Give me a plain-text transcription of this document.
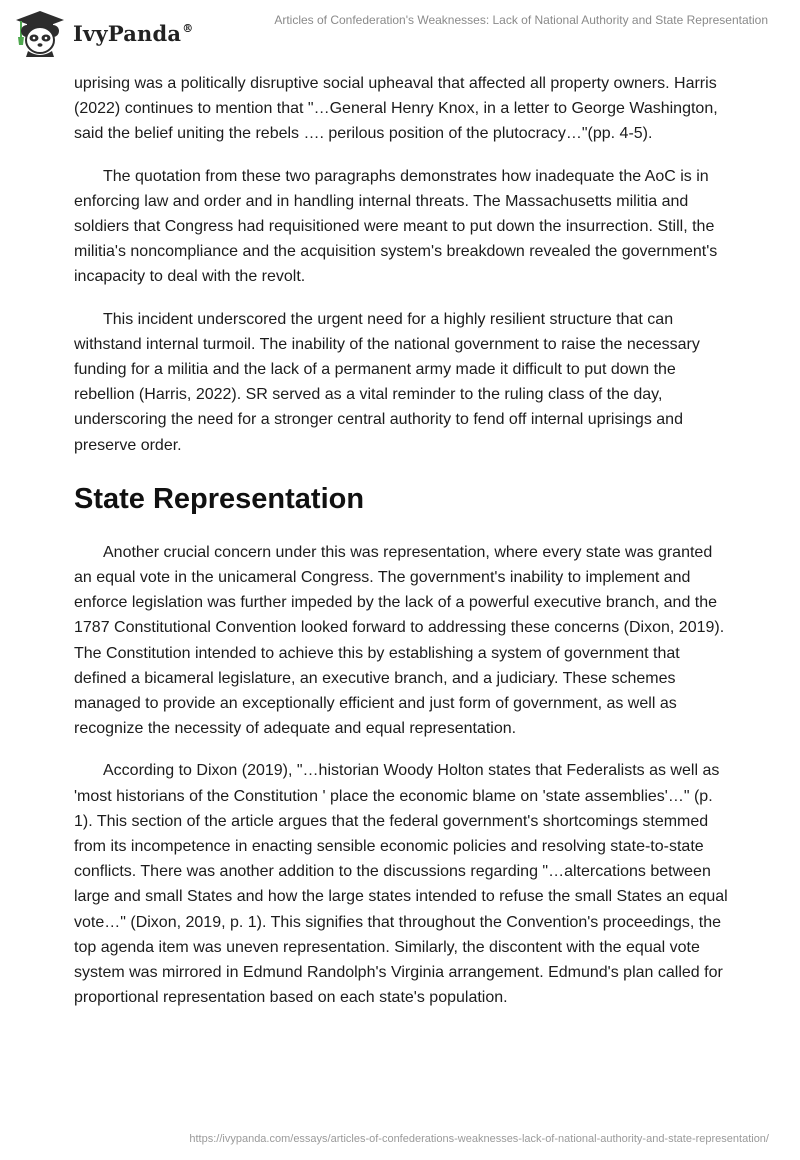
IvyPanda®
Articles of Confederation's Weaknesses: Lack of National Authority and State Representation

uprising was a politically disruptive social upheaval that affected all property owners. Harris (2022) continues to mention that "…General Henry Knox, in a letter to George Washington, said the belief uniting the rebels …. perilous position of the plutocracy…"(pp. 4-5).

The quotation from these two paragraphs demonstrates how inadequate the AoC is in enforcing law and order and in handling internal threats. The Massachusetts militia and soldiers that Congress had requisitioned were meant to put down the insurrection. Still, the militia's noncompliance and the acquisition system's breakdown revealed the government's incapacity to deal with the revolt.

This incident underscored the urgent need for a highly resilient structure that can withstand internal turmoil. The inability of the national government to raise the necessary funding for a militia and the lack of a permanent army made it difficult to put down the rebellion (Harris, 2022). SR served as a vital reminder to the ruling class of the day, underscoring the need for a stronger central authority to fend off internal uprisings and preserve order.

State Representation

Another crucial concern under this was representation, where every state was granted an equal vote in the unicameral Congress. The government's inability to implement and enforce legislation was further impeded by the lack of a powerful executive branch, and the 1787 Constitutional Convention looked forward to addressing these concerns (Dixon, 2019). The Constitution intended to achieve this by establishing a system of government that defined a bicameral legislature, an executive branch, and a judiciary. These schemes managed to provide an exceptionally efficient and just form of government, as well as recognize the necessity of adequate and equal representation.

According to Dixon (2019), "…historian Woody Holton states that Federalists as well as 'most historians of the Constitution ' place the economic blame on 'state assemblies'…" (p. 1). This section of the article argues that the federal government's shortcomings stemmed from its incompetence in enacting sensible economic policies and resolving state-to-state conflicts. There was another addition to the discussions regarding "…altercations between large and small States and how the large states intended to refuse the small States an equal vote…" (Dixon, 2019, p. 1). This signifies that throughout the Convention's proceedings, the top agenda item was uneven representation. Similarly, the discontent with the equal vote system was mirrored in Edmund Randolph's Virginia arrangement. Edmund's plan called for proportional representation based on each state's population.

https://ivypanda.com/essays/articles-of-confederations-weaknesses-lack-of-national-authority-and-state-representation/
